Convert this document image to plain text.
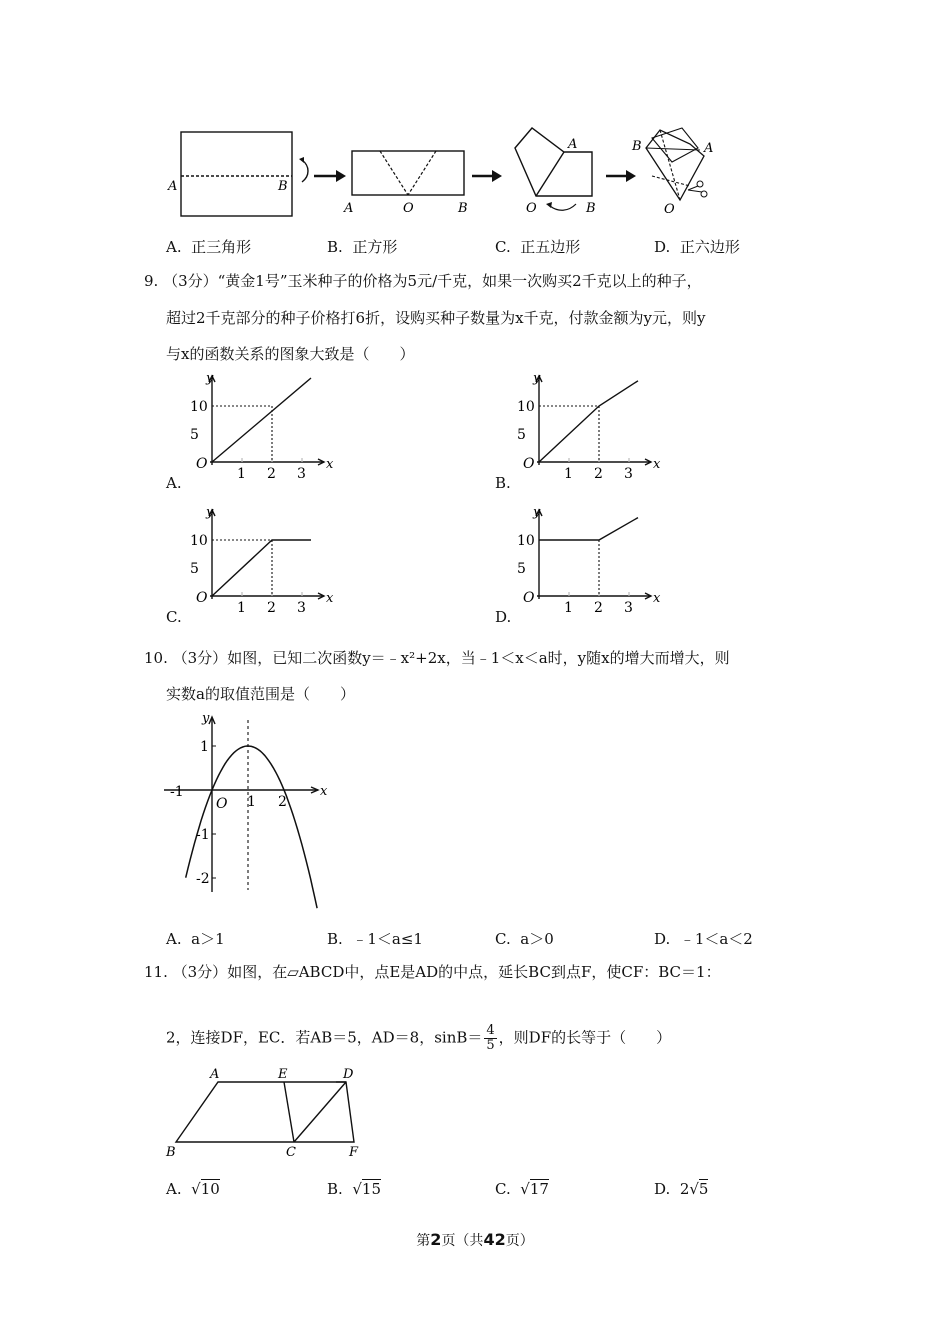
A	B
A	O	B
A
O	B
B	A
O
A. 正三角形	B. 正方形	C. 正五边形	D. 正六边形
9. （3分）“黄金1号”玉米种子的价格为5元/千克，如果一次购买2千克以上的种子，
超过2千克部分的种子价格打6折，设购买种子数量为x千克，付款金额为y元，则y
与x的函数关系的图象大致是（　　）
y
x
O
10
5
1 2 3
y
x
O
10
5
1 2 3
y
x
O
10
5
1 2 3
y
x
O
10
5
1 2 3
A.	B.
C.	D.
10. （3分）如图，已知二次函数y＝﹣x²+2x，当﹣1＜x＜a时，y随x的增大而增大，则
实数a的取值范围是（　　）
y
x
O
1
-1
-2
-1
1 2
A. a＞1	B. ﹣1＜a≤1	C. a＞0	D. ﹣1＜a＜2
11. （3分）如图，在▱ABCD中，点E是AD的中点，延长BC到点F，使CF：BC＝1：
2，连接DF，EC．若AB＝5，AD＝8，$\sin B= \frac{4}{5}$ ，则DF的长等于（　　）
A	E	D
B	C	F
A. √10	B. √15	C. √17	D. 2√5
第2页（共42页）
